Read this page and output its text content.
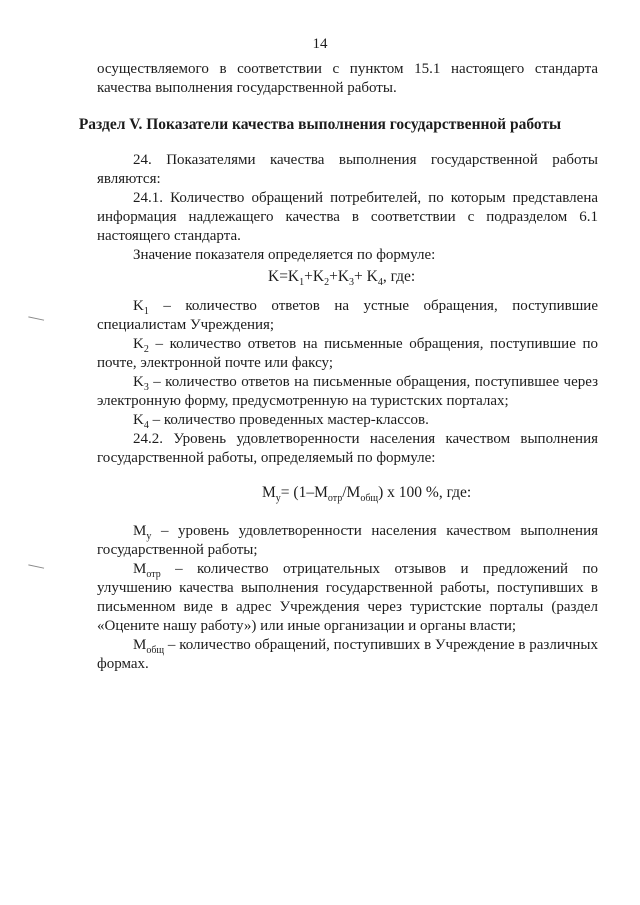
14

осуществляемого в соответствии с пунктом 15.1 настоящего стандарта качества выполнения государственной работы.

Раздел V. Показатели качества выполнения государственной работы

24. Показателями качества выполнения государственной работы являются:

24.1. Количество обращений потребителей, по которым представлена информация надлежащего качества в соответствии с подразделом 6.1 настоящего стандарта.

Значение показателя определяется по формуле:

$K=K_1+K_2+K_3+ K_4$, где:

$K_1$ – количество ответов на устные обращения, поступившие специалистам Учреждения;

$K_2$ – количество ответов на письменные обращения, поступившие по почте, электронной почте или факсу;

$K_3$ – количество ответов на письменные обращения, поступившее через электронную форму, предусмотренную на туристских порталах;

$K_4$ – количество проведенных мастер-классов.

24.2. Уровень удовлетворенности населения качеством выполнения государственной работы, определяемый по формуле:

$M_у= (1-M_{отр}/M_{общ})$ x 100 %, где:

$M_у$ – уровень удовлетворенности населения качеством выполнения государственной работы;

$M_{отр}$ – количество отрицательных отзывов и предложений по улучшению качества выполнения государственной работы, поступивших в письменном виде в адрес Учреждения через туристские порталы (раздел «Оцените нашу работу») или иные организации и органы власти;

$M_{общ}$ – количество обращений, поступивших в Учреждение в различных формах.
